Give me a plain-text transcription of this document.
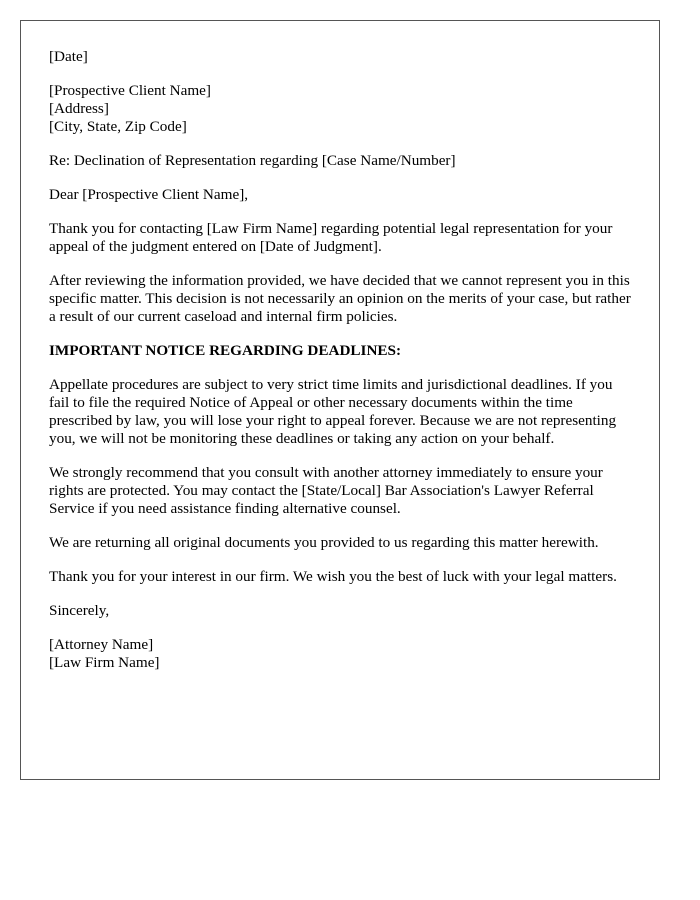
[Date]
[Prospective Client Name]
[Address]
[City, State, Zip Code]
Re: Declination of Representation regarding [Case Name/Number]
Dear [Prospective Client Name],
Thank you for contacting [Law Firm Name] regarding potential legal representation for your appeal of the judgment entered on [Date of Judgment].
After reviewing the information provided, we have decided that we cannot represent you in this specific matter. This decision is not necessarily an opinion on the merits of your case, but rather a result of our current caseload and internal firm policies.
IMPORTANT NOTICE REGARDING DEADLINES:
Appellate procedures are subject to very strict time limits and jurisdictional deadlines. If you fail to file the required Notice of Appeal or other necessary documents within the time prescribed by law, you will lose your right to appeal forever. Because we are not representing you, we will not be monitoring these deadlines or taking any action on your behalf.
We strongly recommend that you consult with another attorney immediately to ensure your rights are protected. You may contact the [State/Local] Bar Association's Lawyer Referral Service if you need assistance finding alternative counsel.
We are returning all original documents you provided to us regarding this matter herewith.
Thank you for your interest in our firm. We wish you the best of luck with your legal matters.
Sincerely,
[Attorney Name]
[Law Firm Name]
